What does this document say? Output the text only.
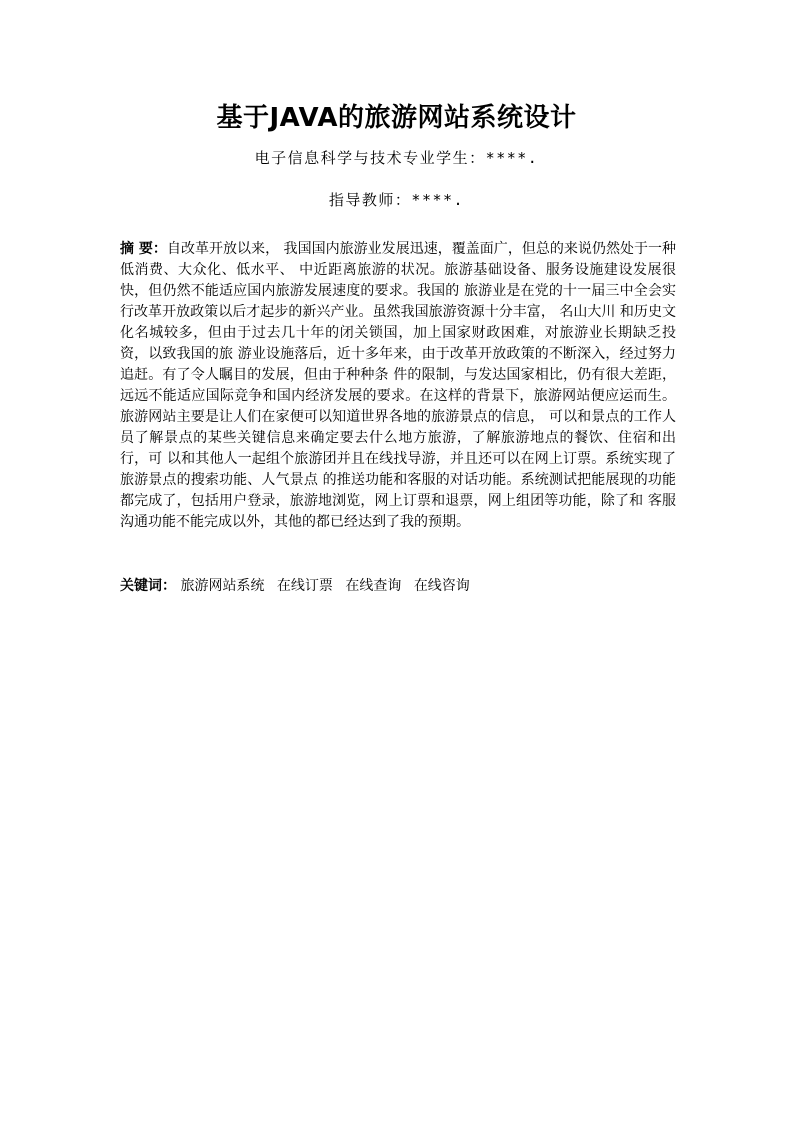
基于JAVA的旅游网站系统设计

电子信息科学与技术专业学生：****.

指导教师：****.

摘 要：自改革开放以来， 我国国内旅游业发展迅速，覆盖面广，但总的来说仍然处于一种低消费、大众化、低水平、 中近距离旅游的状况。旅游基础设备、服务设施建设发展很快，但仍然不能适应国内旅游发展速度的要求。我国的 旅游业是在党的十一届三中全会实行改革开放政策以后才起步的新兴产业。虽然我国旅游资源十分丰富， 名山大川 和历史文化名城较多，但由于过去几十年的闭关锁国，加上国家财政困难，对旅游业长期缺乏投资，以致我国的旅 游业设施落后，近十多年来，由于改革开放政策的不断深入，经过努力追赶。有了令人瞩目的发展，但由于种种条 件的限制，与发达国家相比，仍有很大差距，远远不能适应国际竞争和国内经济发展的要求。在这样的背景下，旅游网站便应运而生。旅游网站主要是让人们在家便可以知道世界各地的旅游景点的信息， 可以和景点的工作人员了解景点的某些关键信息来确定要去什么地方旅游，了解旅游地点的餐饮、住宿和出行，可 以和其他人一起组个旅游团并且在线找导游，并且还可以在网上订票。系统实现了旅游景点的搜索功能、人气景点 的推送功能和客服的对话功能。系统测试把能展现的功能都完成了，包括用户登录，旅游地浏览，网上订票和退票，网上组团等功能，除了和 客服沟通功能不能完成以外，其他的都已经达到了我的预期。

关键词： 旅游网站系统 在线订票 在线查询 在线咨询
